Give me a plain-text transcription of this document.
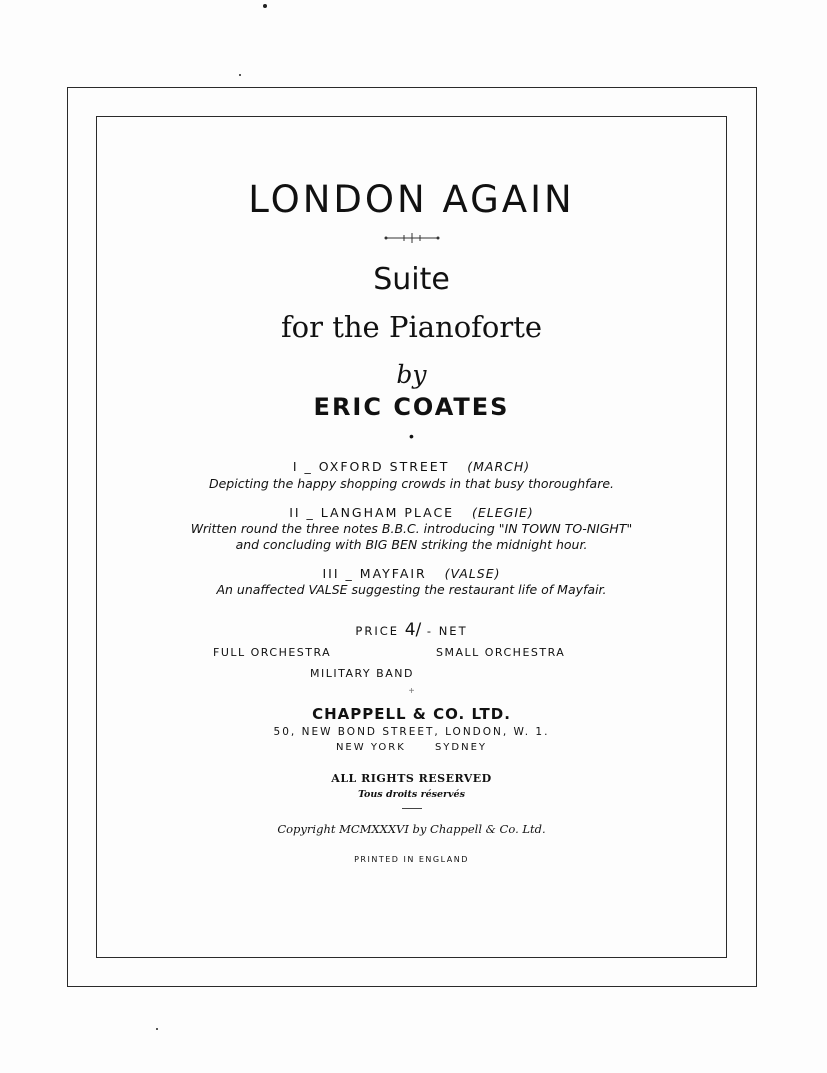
LONDON AGAIN
Suite
for the Pianoforte
by
ERIC COATES
•
I _ OXFORD STREET (MARCH)
Depicting the happy shopping crowds in that busy thoroughfare.
II _ LANGHAM PLACE (ELEGIE)
Written round the three notes B.B.C. introducing "IN TOWN TO-NIGHT"
and concluding with BIG BEN striking the midnight hour.
III _ MAYFAIR (VALSE)
An unaffected VALSE suggesting the restaurant life of Mayfair.
PRICE 4/ - NET
FULL ORCHESTRA	SMALL ORCHESTRA
MILITARY BAND
+
CHAPPELL & CO. LTD.
50, NEW BOND STREET, LONDON, W. 1.
NEW YORK	SYDNEY
ALL RIGHTS RESERVED
Tous droits réservés
Copyright MCMXXXVI by Chappell & Co. Ltd.
PRINTED IN ENGLAND
